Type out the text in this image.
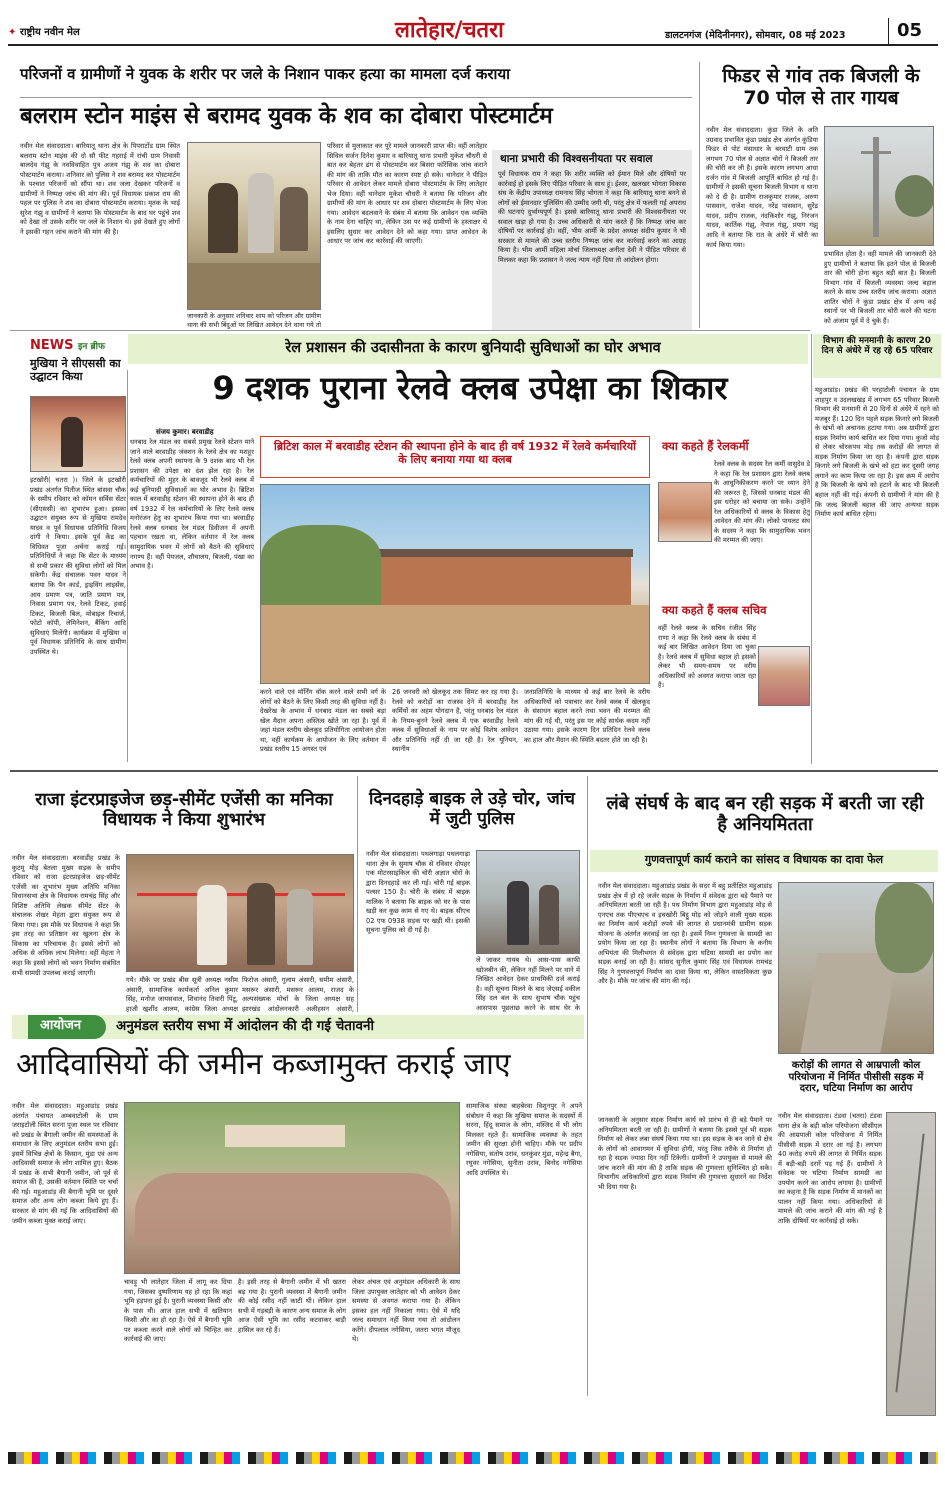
✦ राष्ट्रीय नवीन मेल	लातेहार/चतरा	डालटनगंज (मेदिनीनगर), सोमवार, 08 मई 2023	05
परिजनों व ग्रामीणों ने युवक के शरीर पर जले के निशान पाकर हत्या का मामला दर्ज कराया
बलराम स्टोन माइंस से बरामद युवक के शव का दोबारा पोस्टमार्टम
नवीन मेल संवाददाता। बारियातू थाना क्षेत्र के पिपराटोंड ग्राम स्थित बलराम स्टोन माइंस की दो सौ फीट गहराई में रांची ग्राम निवासी बालदेव गंझु के नवविवाहित पुत्र अजय गंझु के शव का दोबारा पोस्टमार्टम कराया। शनिवार को पुलिस ने शव बरामद कर पोस्टमार्टम के पश्चात परिजनों को सौंपा था। शव जला देखकर परिजनों व ग्रामीणों ने निष्पक्ष जांच की मांग की। पूर्व विधायक प्रकाश राम की पहल पर पुलिस ने शव का दोबारा पोस्टमार्टम कराया। मृतक के भाई सुरेश गंझु व ग्रामीणों ने बताया कि पोस्टमार्टम के बाद घर पहुंचे शव को देखा तो उसके शरीर पर जले के निशान थे। इसे देखते हुए लोगों ने इसकी गहन जांच कराने की मांग की है।
जानकारी के अनुसार शनिवार शाम को परिजन और ग्रामीण थाना की सभी बिंदुओं पर लिखित आवेदन देने थाना गये तो
परिवार से मुलाकात कर पूरे मामले जानकारी प्राप्त की। वहीं लातेहार सिविल सर्जन दिनेश कुमार व बारियातू थाना प्रभारी मुकेश चौधरी से बात कर बेहतर ढंग से पोस्टमार्टम कर बिसरा फॉरेंसिक जांच कराने की मांग की ताकि मौत का कारण स्पष्ट हो सके। थानेदार ने पीड़ित परिवार से आवेदन लेकर मामले दोबारा पोस्टमार्टम के लिए लातेहार भेज दिया। वहीं थानेदार मुकेश चौधरी ने बताया कि परिजन और ग्रामीणों की मांग के आधार पर शव दोबारा पोस्टमार्टम के लिए भेजा गया। आवेदन बदलवाने के संबंध में बताया कि आवेदन एक व्यक्ति के नाम देना चाहिए था, लेकिन उस पर कई ग्रामीणों के हस्ताक्षर थे इसलिए सुधार कर आवेदन देने को कहा गया। प्राप्त आवेदन के आधार पर जांच कर कार्रवाई की जाएगी।
थाना प्रभारी की विश्वसनीयता पर सवाल
पूर्व विधायक राम ने कहा कि शरीर व्यक्ति को ईमान मिले और दोषियों पर कार्रवाई हो इसके लिए पीड़ित परिवार के साथ हूं। ईश्वर, खलखर भोगता विकास संघ के केंद्रीय उपाध्यक्ष रामनाथ सिंह भोगता ने कहा कि बारियातू थाना बनने से लोगों को ईमानदार पुलिसिंग की उम्मीद जगी थी, परंतु क्षेत्र में फलती गई अपराध की घटनाएं दुर्भाग्यपूर्ण है। इससे बारियातू थाना प्रभारी की विश्वसनीयता पर सवाल खड़ा हो गया है। उच्च अधिकारी से मांग करते हैं कि निष्पक्ष जांच कर दोषियों पर कार्रवाई हो। वहीं, भीम आर्मी के प्रदेश अध्यक्ष संदीप कुमार ने भी सरकार से मामले की उच्च स्तरीय निष्पक्ष जांच कर कार्रवाई करने का आग्रह किया है। भीम आर्मी महिला मोर्चा जिलाध्यक्ष अनीता देवी ने पीड़ित परिवार से मिलकर कहा कि प्रशासन ने जल्द न्याय नहीं दिया तो आंदोलन होगा।
फिडर से गांव तक बिजली के 70 पोल से तार गायब
नवीन मेल संवाददाता। कुंडा जिले के अति उग्रवाद प्रभावित कुंडा प्रखंड क्षेत्र अंतर्गत कुंडिया फिडर से पोट मंसाधार के बरवाटी ग्राम तक लगभग 70 पोल से अज्ञात चोरों ने बिजली तार की चोरी कर ली है। इसके कारण लगभग आधा दर्जन गांव में बिजली आपूर्ति बाधित हो गई है। ग्रामीणों ने इसकी सूचना बिजली विभाग व थाना को दे दी है। ग्रामीण राजकुमार राजक, अरुण पासवान, राजेश यादव, नरेंद्र पासवान, सुरेंद्र यादव, प्रदीप राजक, नंदकिशोर गंझु, निरंजन यादव, कार्तिक गंझु, नेपाल गंझु, प्रयाग गंझु आदि ने बताया कि रात के अंधेरे में चोरी का कार्य किया गया।
प्रभावित होता है। वहीं मामले की जानकारी देते हुए ग्रामीणों ने बताया कि इतने पोल से बिजली तार की चोरी होना बहुत बड़ी बात है। बिजली विभाग गांव में बिजली व्यवस्था जल्द बहाल करने के साथ उच्च स्तरीय जांच कराया। अज्ञात शातिर चोरों ने कुंडा प्रखंड क्षेत्र में अन्य कई स्थानों पर भी बिजली तार चोरी करने की घटना को अंजाम पूर्व में दे चुके हैं।
रेल प्रशासन की उदासीनता के कारण बुनियादी सुविधाओं का घोर अभाव
NEWS इन ब्रीफ
मुखिया ने सीएससी का उद्घाटन किया
इटखोरी( चतरा )। जिले के इटखोरी प्रखंड अंतर्गत पितीज स्थित बांसवा चौक के समीप रविवार को कॉमन सर्विस सेंटर (सीएससी) का शुभारंभ हुआ। इसका उद्घाटन संयुक्त रूप से मुखिया रामदेव यादव व पूर्व विधायक प्रतिनिधि विजय दांगी ने किया। इसके पूर्व केंद्र का विधिवत पूजा अर्चना कराई गई। प्रतिनिधियों ने कहा कि सेंटर के माध्यम से सभी प्रकार की सुविधा लोगों को मिल सकेगी। केंद्र संचालक पवन यादव ने बताया कि पैन कार्ड, ड्राइविंग लाइसेंस, आय प्रमाण पत्र, जाति प्रमाण पत्र, निवास प्रमाण पत्र, रेलवे टिकट, हवाई टिकट, बिजली बिल, मोबाइल रिचार्ज, फोटो कॉपी, लेमिनेशन, बैंकिंग आदि सुविधाएं मिलेंगी। कार्यक्रम में मुखिया व पूर्व विधायक प्रतिनिधि के साथ ग्रामीण उपस्थित थे।
9 दशक पुराना रेलवे क्लब उपेक्षा का शिकार
संजय कुमार। बरवाडीह
धनबाद रेल मंडल का सबसे प्रमुख रेलवे स्टेशन माने जाने वाले बरवाडीह जंक्शन के रेलवे क्षेत्र का मशहूर रेलवे क्लब अपनी स्थापना के 9 दशक बाद भी रेल प्रशासन की उपेक्षा का दंश झेल रहा है। रेल कर्मचारियों की मुहर के बावजूद भी रेलवे क्लब में कई बुनियादी सुविधाओं का घोर अभाव है। ब्रिटिश काल में बरवाडीह स्टेशन की स्थापना होने के बाद ही वर्ष 1932 में रेल कर्मचारियों के लिए रेलवे क्लब मनोरंजन हेतु का शुभारंभ किया गया था। बरवाडीह रेलवे क्लब धनबाद रेल मंडल डिवीजन में अपनी पहचान रखता था, लेकिन वर्तमान में रेल क्लब सामुदायिक भवन में लोगों को बैठने की सुविधाएं नगण्य हैं। वहीं पेयजल, शौचालय, बिजली, पंखा का अभाव है।
ब्रिटिश काल में बरवाडीह स्टेशन की स्थापना होने के बाद ही वर्ष 1932 में रेलवे कर्मचारियों के लिए बनाया गया था क्लब
करने वाले एवं मॉर्निंग वॉक करने वाले सभी वर्ग के लोगों को बैठने के लिए किसी तरह की सुविधा नहीं है। देखरेख के अभाव में धनबाद मंडल का सबसे बड़ा खेल मैदान अपना अस्तित्व खोते जा रहा है। पूर्व में जहां मंडल स्तरीय खेलकूद प्रतियोगिता आयोजन होता था, वहीं कार्यक्रम के आयोजन के लिए वर्तमान में प्रखंड स्तरीय 15 अगस्त एवं
26 जनवरी को खेलकूद तक सिमट कर रह गया है। रेलवे को करोड़ों का राजस्व देने में बरवाडीह रेल कर्मियों का अहम योगदान है, परंतु धनबाद रेल मंडल के नियम-बुनने रेलवे क्लब में एक बरवाडीह रेलवे क्लब में सुविधाओं के नाम पर कोई विशेष आवेदन और प्रतिनिधि नहीं दी जा रही है। रेल यूनियन, स्थानीय
जनप्रतिनिधि के माध्यम से कई बार रेलवे के वरीय अधिकारियों को पत्राचार कर रेलवे क्लब में खेलकूद के संसाधन बहाल करने तथा भवन की मरम्मत की मांग की गई थी, परंतु इस पर कोई सार्थक कदम नहीं उठाया गया। इसके कारण दिन प्रतिदिन रेलवे क्लब का हाल और मैदान की स्थिति बदतर होते जा रही है।
क्या कहते हैं रेलकर्मी
रेलवे क्लब के सदस्य रेल कर्मी वासुदेव डे ने कहा कि रेल प्रशासन द्वारा रेलवे क्लब के आधुनिकीकरण करने पर ध्यान देने की जरूरत है, जिससे धनबाद मंडल की इस धरोहर को बचाया जा सके। उन्होंने रेल अधिकारियों से क्लब के विकास हेतु आवेदन की मांग की। लोको पायलट संघ के सदस्य ने कहा कि सामुदायिक भवन की मरम्मत की जाए।
क्या कहते हैं क्लब सचिव
वहीं रेलवे क्लब के सचिव रंजीत सिंह राणा ने कहा कि रेलवे क्लब के संबंध में कई बार लिखित आवेदन दिया जा चुका है। रेलवे क्लब में सुविधा बहाल हो इसको लेकर भी समय-समय पर वरीय अधिकारियों को अवगत कराया जाता रहा है।
विभाग की मनमानी के कारण 20 दिन से अंधेरे में रह रहे 65 परिवार
महुआडांड़। प्रखंड की परहाटोली पंचायत के ग्राम शाहपुर व उदलखखड़ में लगभग 65 परिवार बिजली विभाग की मनमानी से 20 दिनों से अंधेरे में रहने को मजबूर हैं। 120 दिन पहले सड़क किनारे लगे बिजली के खंभों को अचानक हटाया गया। अब ग्रामीणों द्वारा सड़क निर्माण कार्य बाधित कर दिया गया। कुजो मोड़ से लेकर चोरकपथ मोड़ तक करोड़ों की लागत से सड़क निर्माण किया जा रहा है। कंपनी द्वारा सड़क किनारे लगे बिजली के खंभे को हटा कर दूसरी जगह लगाने का काम किया जा रहा है। इस क्रम में आरोप है कि बिजली के खंभे को हटाने के बाद भी बिजली बहाल नहीं की गई। कंपनी से ग्रामीणों ने मांग की है कि जल्द बिजली बहाल की जाए अन्यथा सड़क निर्माण कार्य बाधित रहेगा।
राजा इंटरप्राइजेज छड़-सीमेंट एजेंसी का मनिका विधायक ने किया शुभारंभ
नवीन मेल संवाददाता। बरवाडीह प्रखंड के कुटमू मोड़ बेतला मुख्य सड़क के समीप रविवार को राजा इंटरप्राइजेज छड़-सीमेंट एजेंसी का शुभारंभ मुख्य अतिथि मनिका विधानसभा क्षेत्र के विधायक रामचंद्र सिंह और विशिष्ट अतिथि लेखक सीमेंट सेंटर के संचालक शेखर मेहता द्वारा संयुक्त रूप से किया गया। इस मौके पर विधायक ने कहा कि इस तरह का प्रतिष्ठान का खुलना क्षेत्र के विकास का परिचायक है। इससे लोगों को अधिक से अधिक लाभ मिलेगा। वहीं मेहता ने कहा कि इससे लोगों को भवन निर्माण संबंधित सभी सामग्री उपलब्ध कराई जाएगी।
गये। मौके पर प्रखंड बीस सूत्री अध्यक्ष नसीम अंसारी, सामाजिक कार्यकर्ता अनिल कुमार सिंह, मनोज जायसवाल, शिवानंद तिवारी पिंटू, हाजी खुर्शीद आलम, कांग्रेस जिला अध्यक्ष
फिरोज अंसारी, गुलाम अंसारी, समीम अंसारी, मसरूर अंसारी, मसरूर आलम, राजद के अल्पसंख्यक मोर्चा के जिला अध्यक्ष सह झारखंड आंदोलनकारी अलीहसन अंसारी,
दिनदहाड़े बाइक ले उड़े चोर, जांच में जुटी पुलिस
नवीन मेल संवाददाता। पथलगाढ़ा पथलगाढ़ा थाना क्षेत्र के सुमाष चौक से रविवार दोपहर एक मोटरसाइकिल की चोरी अज्ञात चोरों के द्वारा दिनदहाड़े कर ली गई। चोरी गई बाइक पल्सर 150 है। चोरी के संबंध में बाइक मालिक ने बताया कि बाइक को घर के पास खड़ी कर कुछ काम से गए थे। बाइक सीएच 02 एफ 0938 सड़क पर खड़ी थी। इसकी सूचना पुलिस को दी गई है।
ले जाकर गायब थे। आस-पास काफी खोजबीन की, लेकिन नहीं मिलने पर थाने में लिखित आवेदन देकर प्राथमिकी दर्ज कराई है। वहीं सूचना मिलने के बाद जेएसई वकील सिंह दल बल के साथ सुभाष चौक पहुंच आसपास पूछताछ करने के साथ घेर के
आयोजन	अनुमंडल स्तरीय सभा में आंदोलन की दी गई चेतावनी
आदिवासियों की जमीन कब्जामुक्त कराई जाए
नवीन मेल संवाददाता। महुआडांड़ प्रखंड अंतर्गत पंचायत अम्बवाटोली के ग्राम जराइटोली स्थित सरना पूजा स्थल पर रविवार को प्रखंड के बैगाली जमीन की समस्याओं के समाधान के लिए अनुमंडल स्तरीय सभा हुई। इसमें विभिन्न क्षेत्रों के किसान, मुंडा एवं अन्य आदिवासी समाज के लोग शामिल हुए। बैठक में प्रखंड के सभी बैगानी जमीन, जो पूर्व से समाज की है, उसकी वर्तमान स्थिति पर चर्चा की गई। महुआडांड़ की बैगानी भूमि पर दूसरे समाज और अन्य लोग कब्जा किये हुए हैं। सरकार से मांग की गई कि आदिवासियों की जमीन कब्जा मुक्त कराई जाए।
चावड़ू भी लातेहार जिला में लागू कर दिया गया, जिसका दुष्परिणाम यह हो रहा कि कहां भूमि हड़पना हुई है। पुरानी व्यवस्था किसी और के पास थी। आज हाल सभी में खतियान किसी और का हो रहा है। ऐसे में बैगानी भूमि पर कब्जा करने वाले लोगों को चिन्हित कर कार्रवाई की जाए।
है। इसी तरह से बैगानी जमीन में भी खतरा बढ़ गया है। पुरानी व्यवस्था में बैगानी जमीन की कोई रसीद नहीं काटी थी। लेकिन हाल सभी में गड़बड़ी के कारण अन्य समाज के लोग आज ऐसी भूमि का रसीद कटवाकर बाड़ी हासिल कर रहे हैं।
लेकर अंचल एवं अनुमंडल अधिकारी के साथ जिला उपायुक्त लातेहार को भी आवेदन देकर समस्या से अवगत कराया गया है। लेकिन इसका हल नहीं निकाला गया। ऐसे में यदि जल्द समाधान नहीं किया गया तो आंदोलन करेंगे। दीपलाल नगेसिया, जतरा भगत मौजूद थे।
सामाजिक संस्था बाहबेरवा विशुनपुर ने अपने संबोधन में कहा कि मुखिया समाज के सदस्यों में सरना, हिंदू समाज के लोग, मस्जिद में भी लोग मिलकर रहते हैं। सामाजिक व्यवस्था के तहत जमीन की सुरक्षा होनी चाहिए। मौके पर प्रदीप नगेसिया, संतोष उरांव, धनकुंवर मुंडा, महेन्द्र बैगा, रघुवर नगेसिया, सुनीता उरांव, बिनोद नगेसिया आदि उपस्थित थे।
लंबे संघर्ष के बाद बन रही सड़क में बरती जा रही है अनियमितता
गुणवत्तापूर्ण कार्य कराने का सांसद व विधायक का दावा फेल
नवीन मेल संवाददाता। महुआडांड़ प्रखंड के सदर में बहु प्रतीक्षित महुआडांड़ प्रखंड क्षेत्र में हो रहे जर्जर सड़क के निर्माण में संवेदक द्वारा बड़े पैमाने पर अनियमितता बरती जा रही है। पथ निर्माण विभाग द्वारा महुआडांड़ मोड़ से एनएच तक पीएचएच व इचखोरी बिट्ठू मोड़ को जोड़ने वाली मुख्य सड़क का निर्माण कार्य करोड़ों रुपये की लागत से प्रधानमंत्री ग्रामीण सड़क योजना के अंतर्गत करवाई जा रहा है। इसमें निम्न गुणवत्ता के सामग्री का प्रयोग किया जा रहा है। स्थानीय लोगों ने बताया कि विभाग के कनीय अभियंता की मिलीभगत से संवेदक द्वारा घटिया सामग्री का प्रयोग कर सड़क बनाई जा रही है। सांसद सुनील कुमार सिंह एवं विधायक रामचंद्र सिंह ने गुणवत्तापूर्ण निर्माण का दावा किया था, लेकिन वास्तविकता कुछ और है। मौके पर जांच की मांग की गई।
जानकारी के अनुसार सड़क निर्माण कार्य को प्रारंभ से ही बड़े पैमाने पर अनियमितता बरती जा रही है। ग्रामीणों ने बताया कि इससे पूर्व भी सड़क निर्माण को लेकर लंबा संघर्ष किया गया था। इस सड़क के बन जाने से क्षेत्र के लोगों को आवागमन में सुविधा होगी, परंतु जिस तरीके से निर्माण हो रहा है सड़क ज्यादा दिन नहीं टिकेगी। ग्रामीणों ने उपायुक्त से मामले की जांच कराने की मांग की है ताकि सड़क की गुणवत्ता सुनिश्चित हो सके। विभागीय अधिकारियों द्वारा सड़क निर्माण की गुणवत्ता सुधारने का निर्देश भी दिया गया है।
करोड़ों की लागत से आम्रपाली कोल परियोजना में निर्मित पीसीसी सड़क में दरार, घटिया निर्माण का आरोप
नवीन मेल संवाददाता। टंडवा (चतरा) टंडवा थाना क्षेत्र के बड़ी कोल परियोजना सीसीएल की आम्रपाली कोल परियोजना में निर्मित पीसीसी सड़क में दरार आ गई है। लगभग 40 करोड़ रुपये की लागत से निर्मित सड़क में बड़ी-बड़ी दरारें पड़ गई हैं। ग्रामीणों ने संवेदक पर घटिया निर्माण सामग्री का उपयोग करने का आरोप लगाया है। ग्रामीणों का कहना है कि सड़क निर्माण में मानकों का पालन नहीं किया गया। अधिकारियों से मामले की जांच कराने की मांग की गई है ताकि दोषियों पर कार्रवाई हो सके।
